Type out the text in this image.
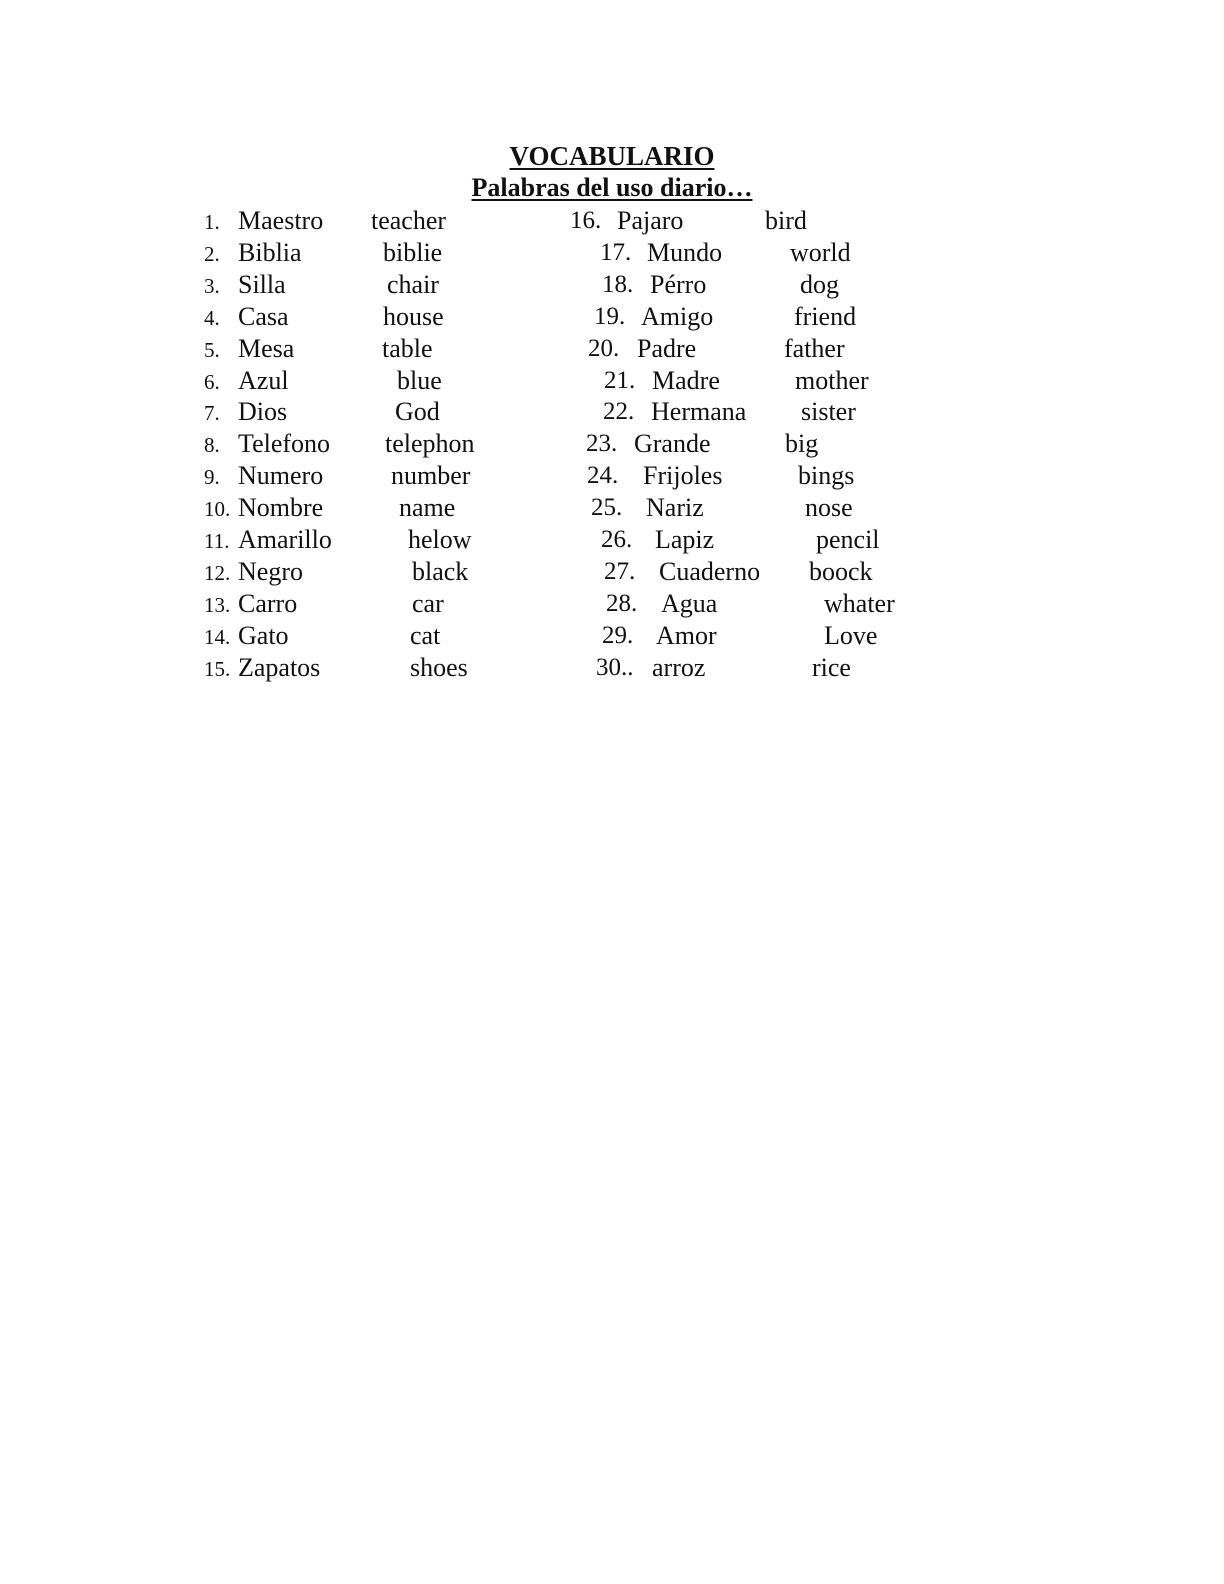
VOCABULARIO
Palabras del uso diario…
1. Maestro teacher
2. Biblia	biblie
3. Silla	chair
4. Casa	house
5. Mesa	table
6. Azul	blue
7. Dios	God
8. Telefono telephon
9. Numero	number
10. Nombre	name
11. Amarillo	helow
12. Negro	black
13. Carro	car
14. Gato	cat
15. Zapatos	shoes
16. Pajaro	bird
17. Mundo	world
18. Pérro	dog
19. Amigo	friend
20. Padre	father
21. Madre	mother
22. Hermana sister
23. Grande	big
24. Frijoles	bings
25. Nariz	nose
26. Lapiz	pencil
27. Cuaderno boock
28. Agua	whater
29. Amor	Love
30.. arroz	rice
